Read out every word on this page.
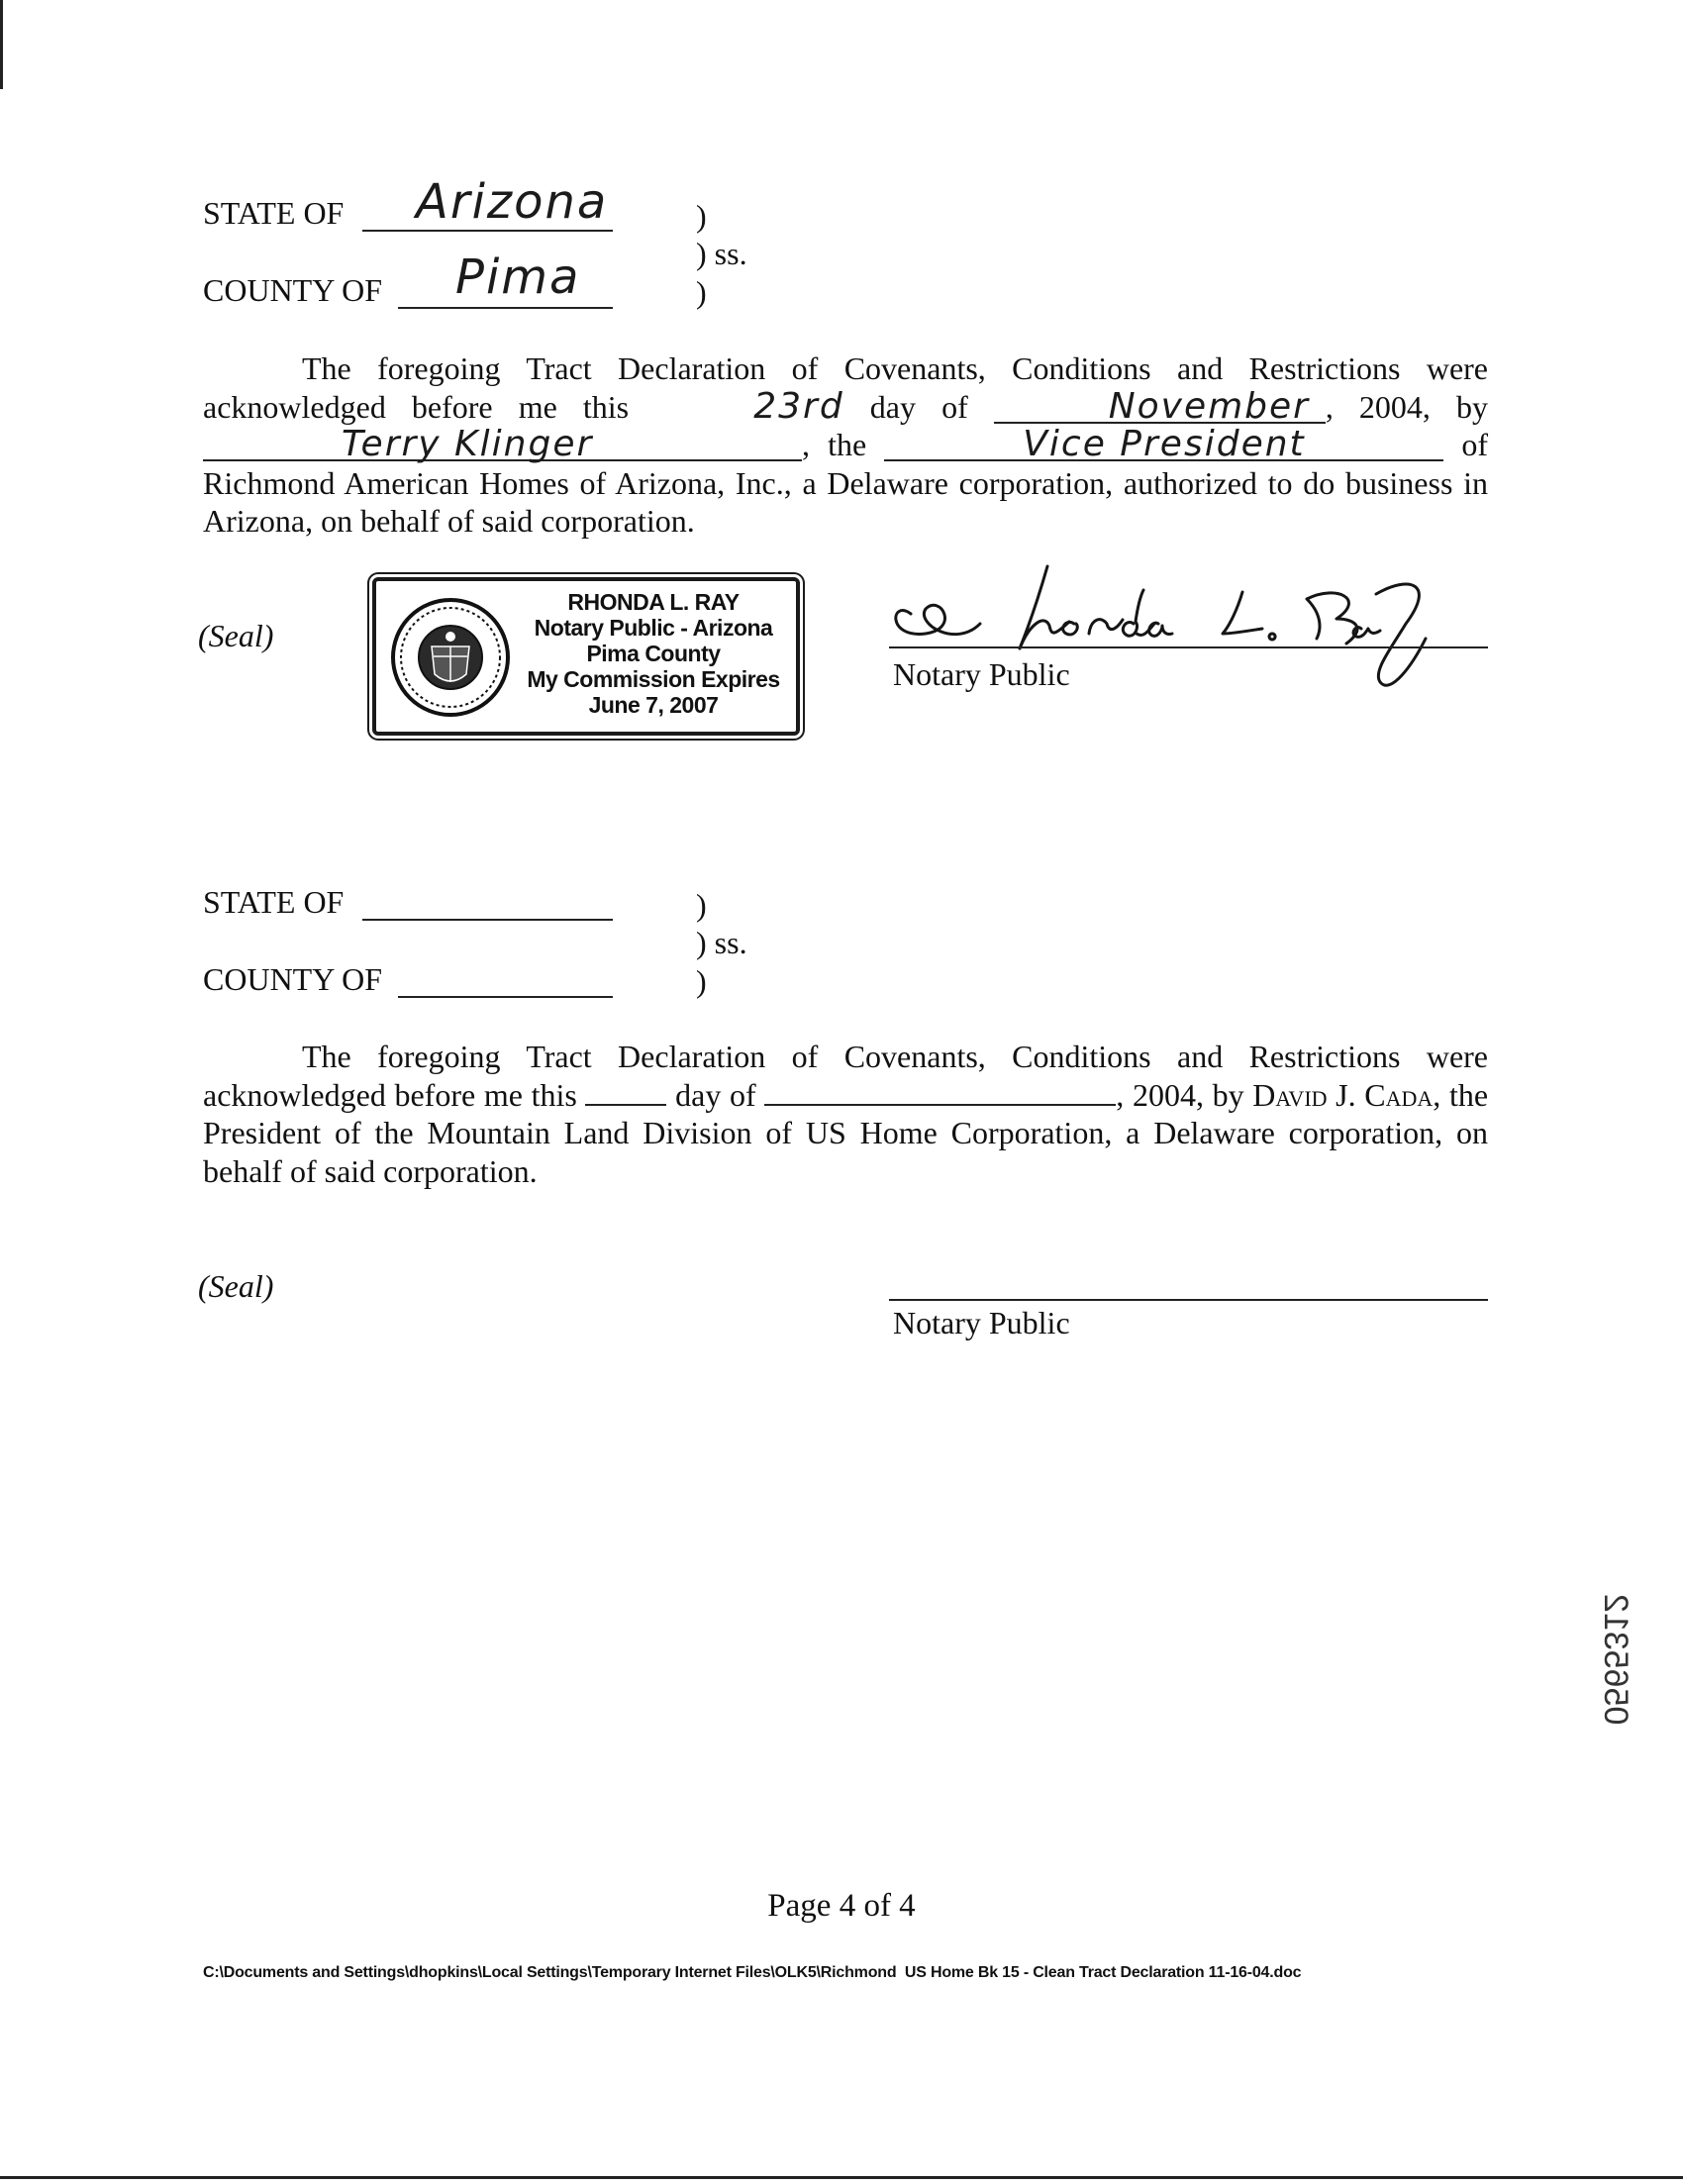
STATE OF Arizona
COUNTY OF Pima
)
) ss.
)
The foregoing Tract Declaration of Covenants, Conditions and Restrictions were acknowledged before me this	23rd day of	November , 2004, by Terry Klinger	, the	Vice President	of Richmond American Homes of Arizona, Inc., a Delaware corporation, authorized to do business in Arizona, on behalf of said corporation.
(Seal)
RHONDA L. RAY
Notary Public - Arizona
Pima County
My Commission Expires
June 7, 2007
Notary Public
STATE OF
COUNTY OF
)
) ss.
)
The foregoing Tract Declaration of Covenants, Conditions and Restrictions were acknowledged before me this	day of	, 2004, by David J. Cada, the President of the Mountain Land Division of US Home Corporation, a Delaware corporation, on behalf of said corporation.
(Seal)
Notary Public
0565312
Page 4 of 4
C:\Documents and Settings\dhopkins\Local Settings\Temporary Internet Files\OLK5\Richmond  US Home Bk 15 - Clean Tract Declaration 11-16-04.doc
